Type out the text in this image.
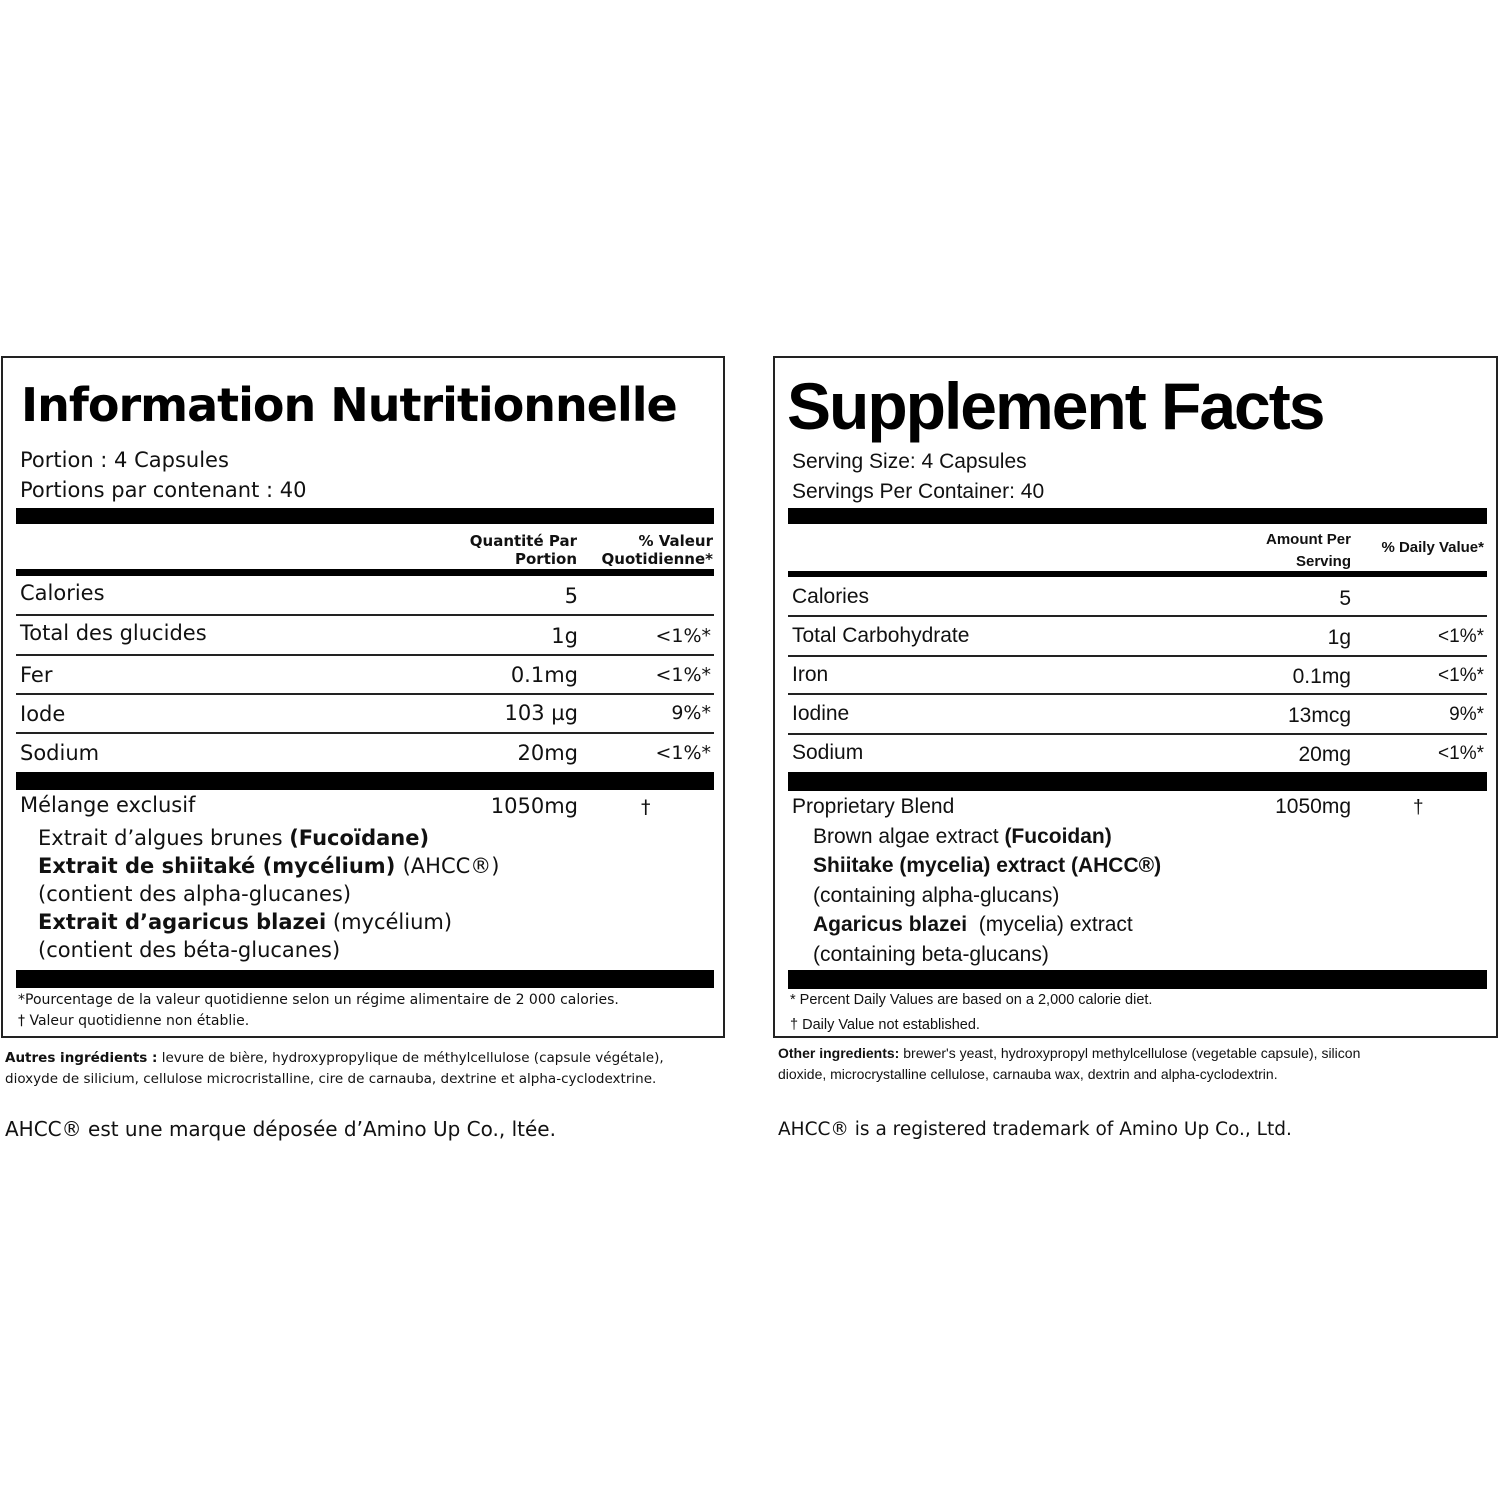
Information Nutritionnelle
Portion : 4 Capsules
Portions par contenant : 40
Quantité Par
Portion
% Valeur
Quotidienne*
Calories	5
Total des glucides	1g	<1%*
Fer	0.1mg	<1%*
Iode	103 µg	9%*
Sodium	20mg	<1%*
Mélange exclusif	1050mg	†
Extrait d’algues brunes (Fucoïdane)
Extrait de shiitaké (mycélium) (AHCC®)
(contient des alpha-glucanes)
Extrait d’agaricus blazei (mycélium)
(contient des béta-glucanes)
*Pourcentage de la valeur quotidienne selon un régime alimentaire de 2 000 calories.
† Valeur quotidienne non établie.
Autres ingrédients : levure de bière, hydroxypropylique de méthylcellulose (capsule végétale),
dioxyde de silicium, cellulose microcristalline, cire de carnauba, dextrine et alpha-cyclodextrine.
AHCC® est une marque déposée d’Amino Up Co., ltée.
Supplement Facts
Serving Size: 4 Capsules
Servings Per Container: 40
Amount Per
Serving
% Daily Value*
Calories	5
Total Carbohydrate	1g	<1%*
Iron	0.1mg	<1%*
Iodine	13mcg	9%*
Sodium	20mg	<1%*
Proprietary Blend	1050mg	†
Brown algae extract (Fucoidan)
Shiitake (mycelia) extract (AHCC®)
(containing alpha-glucans)
Agaricus blazei  (mycelia) extract
(containing beta-glucans)
* Percent Daily Values are based on a 2,000 calorie diet.
† Daily Value not established.
Other ingredients: brewer's yeast, hydroxypropyl methylcellulose (vegetable capsule), silicon
dioxide, microcrystalline cellulose, carnauba wax, dextrin and alpha-cyclodextrin.
AHCC® is a registered trademark of Amino Up Co., Ltd.
